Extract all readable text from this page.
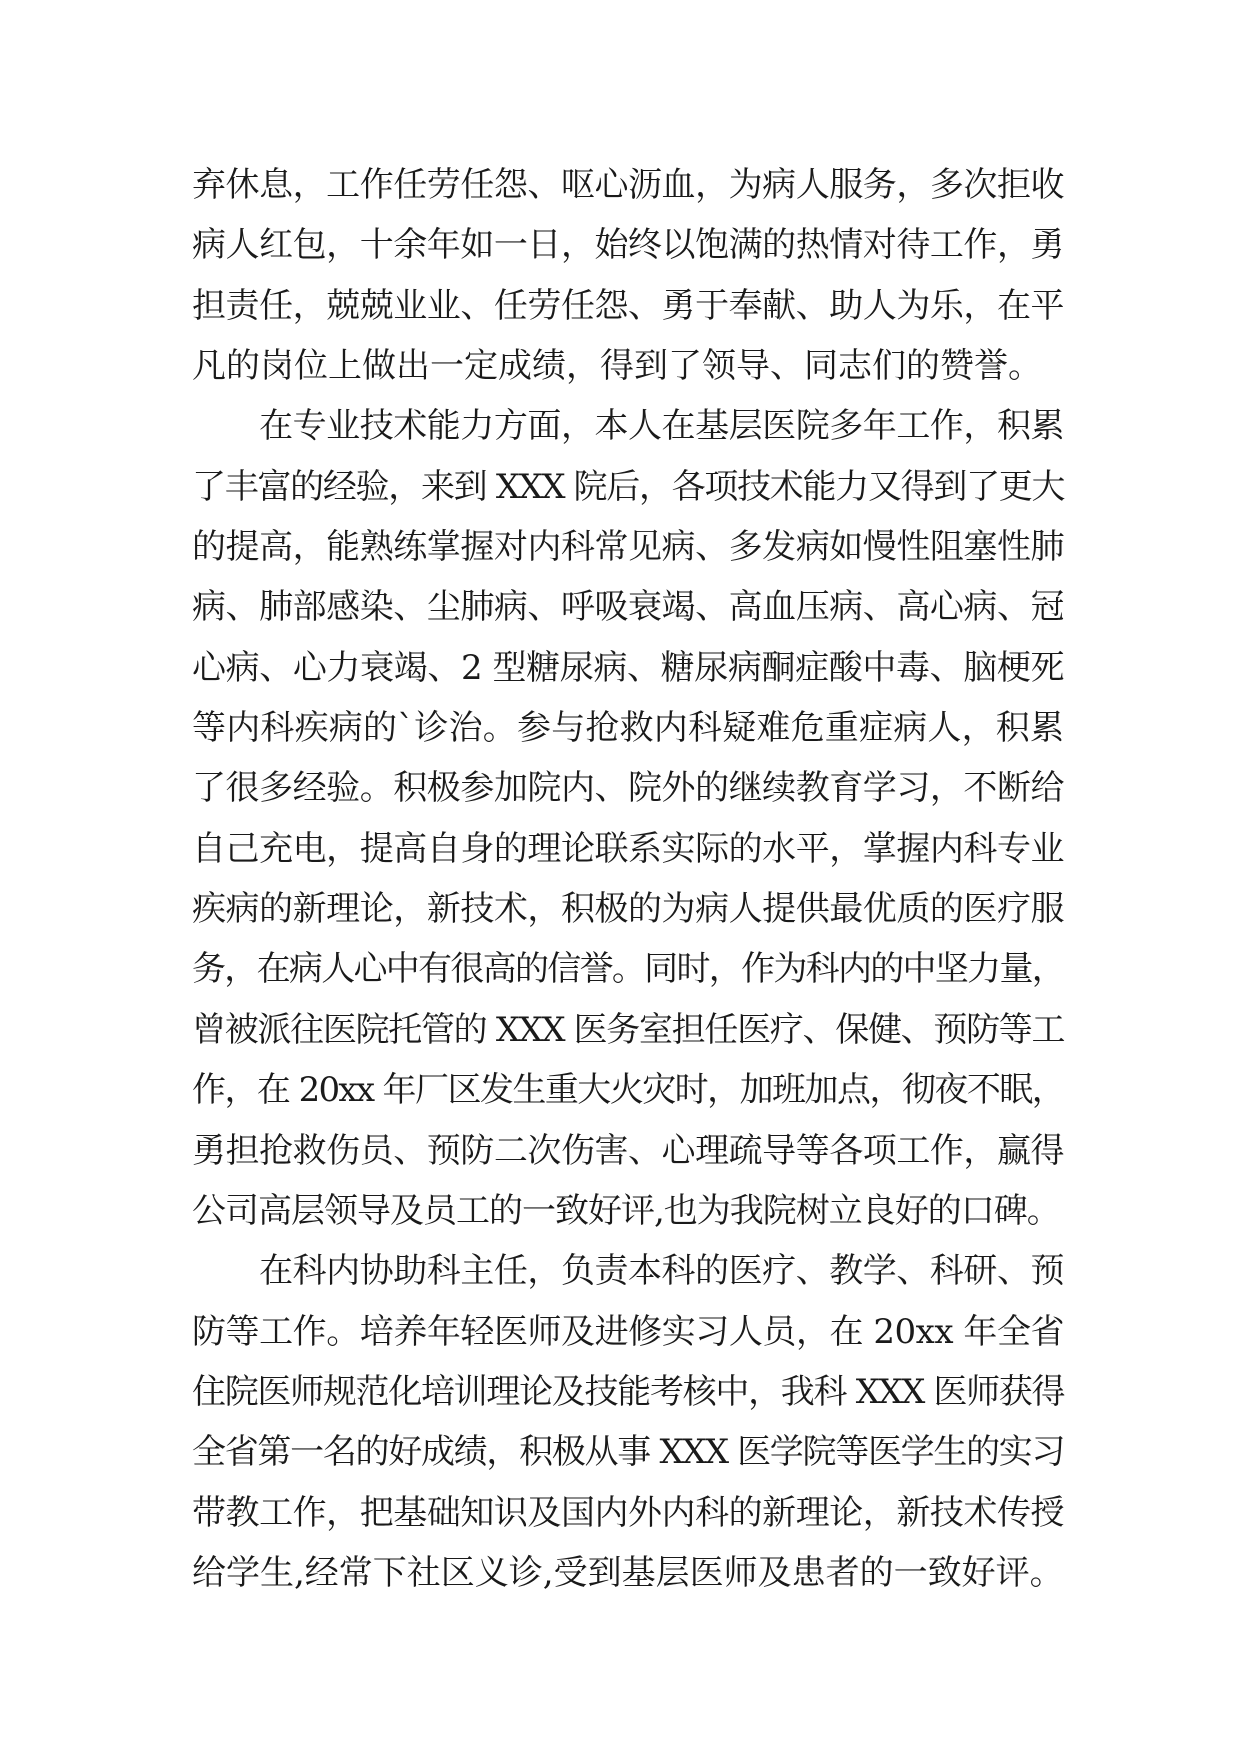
弃休息，工作任劳任怨、呕心沥血，为病人服务，多次拒收
病人红包，十余年如一日，始终以饱满的热情对待工作，勇
担责任，兢兢业业、任劳任怨、勇于奉献、助人为乐，在平
凡的岗位上做出一定成绩，得到了领导、同志们的赞誉。
　　在专业技术能力方面，本人在基层医院多年工作，积累
了丰富的经验，来到 XXX 院后，各项技术能力又得到了更大
的提高，能熟练掌握对内科常见病、多发病如慢性阻塞性肺
病、肺部感染、尘肺病、呼吸衰竭、高血压病、高心病、冠
心病、心力衰竭、2 型糖尿病、糖尿病酮症酸中毒、脑梗死
等内科疾病的`诊治。参与抢救内科疑难危重症病人，积累
了很多经验。积极参加院内、院外的继续教育学习，不断给
自己充电，提高自身的理论联系实际的水平，掌握内科专业
疾病的新理论，新技术，积极的为病人提供最优质的医疗服
务，在病人心中有很高的信誉。同时，作为科内的中坚力量，
曾被派往医院托管的 XXX 医务室担任医疗、保健、预防等工
作，在 20xx 年厂区发生重大火灾时，加班加点，彻夜不眠，
勇担抢救伤员、预防二次伤害、心理疏导等各项工作，赢得
公司高层领导及员工的一致好评,也为我院树立良好的口碑。
　　在科内协助科主任，负责本科的医疗、教学、科研、预
防等工作。培养年轻医师及进修实习人员，在 20xx 年全省
住院医师规范化培训理论及技能考核中，我科 XXX 医师获得
全省第一名的好成绩，积极从事 XXX 医学院等医学生的实习
带教工作，把基础知识及国内外内科的新理论，新技术传授
给学生,经常下社区义诊,受到基层医师及患者的一致好评。
